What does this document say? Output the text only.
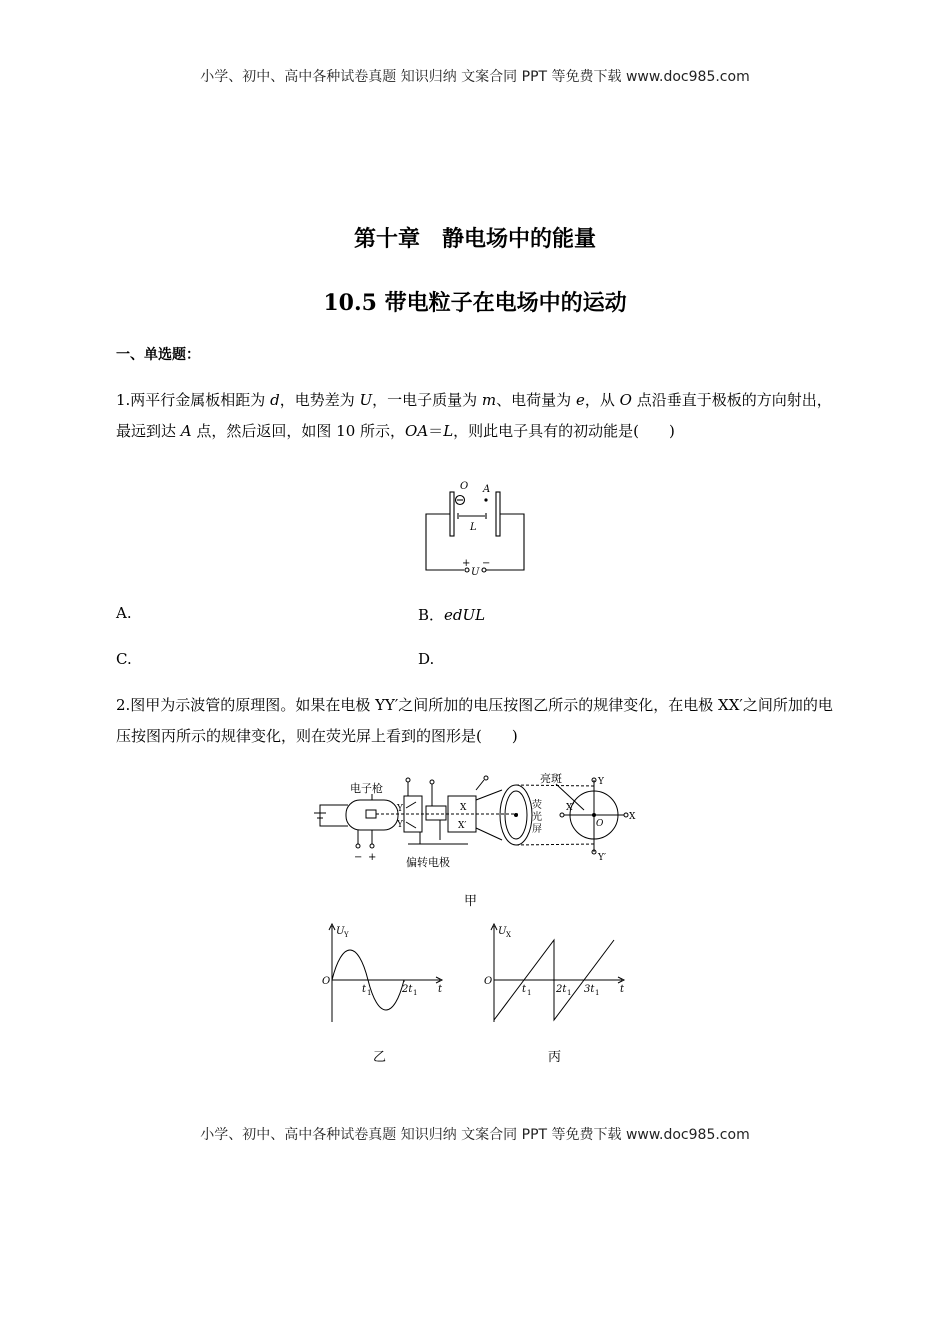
小学、初中、高中各种试卷真题 知识归纳 文案合同 PPT 等免费下载 www.doc985.com
第十章　静电场中的能量
10.5 带电粒子在电场中的运动
一、单选题：
1.两平行金属板相距为 d，电势差为 U，一电子质量为 m、电荷量为 e，从 O 点沿垂直于极板的方向射出，最远到达 A 点，然后返回，如图 10 所示，OA＝L，则此电子具有的初动能是(　　)
O A
L
+ −
U
A.	B．edUL
C.	D.
2.图甲为示波管的原理图。如果在电极 YY′之间所加的电压按图乙所示的规律变化，在电极 XX′之间所加的电压按图丙所示的规律变化，则在荧光屏上看到的图形是(　　)
电子枪
偏转电极
亮斑
荧
光
屏
Y
Y′
X
X′
Y
Y′
X
X′
O
− +
甲
U Y
O
t 1	2t 1 t
乙
U X
O
t 1 2t 1 3t 1 t
丙
小学、初中、高中各种试卷真题 知识归纳 文案合同 PPT 等免费下载 www.doc985.com
